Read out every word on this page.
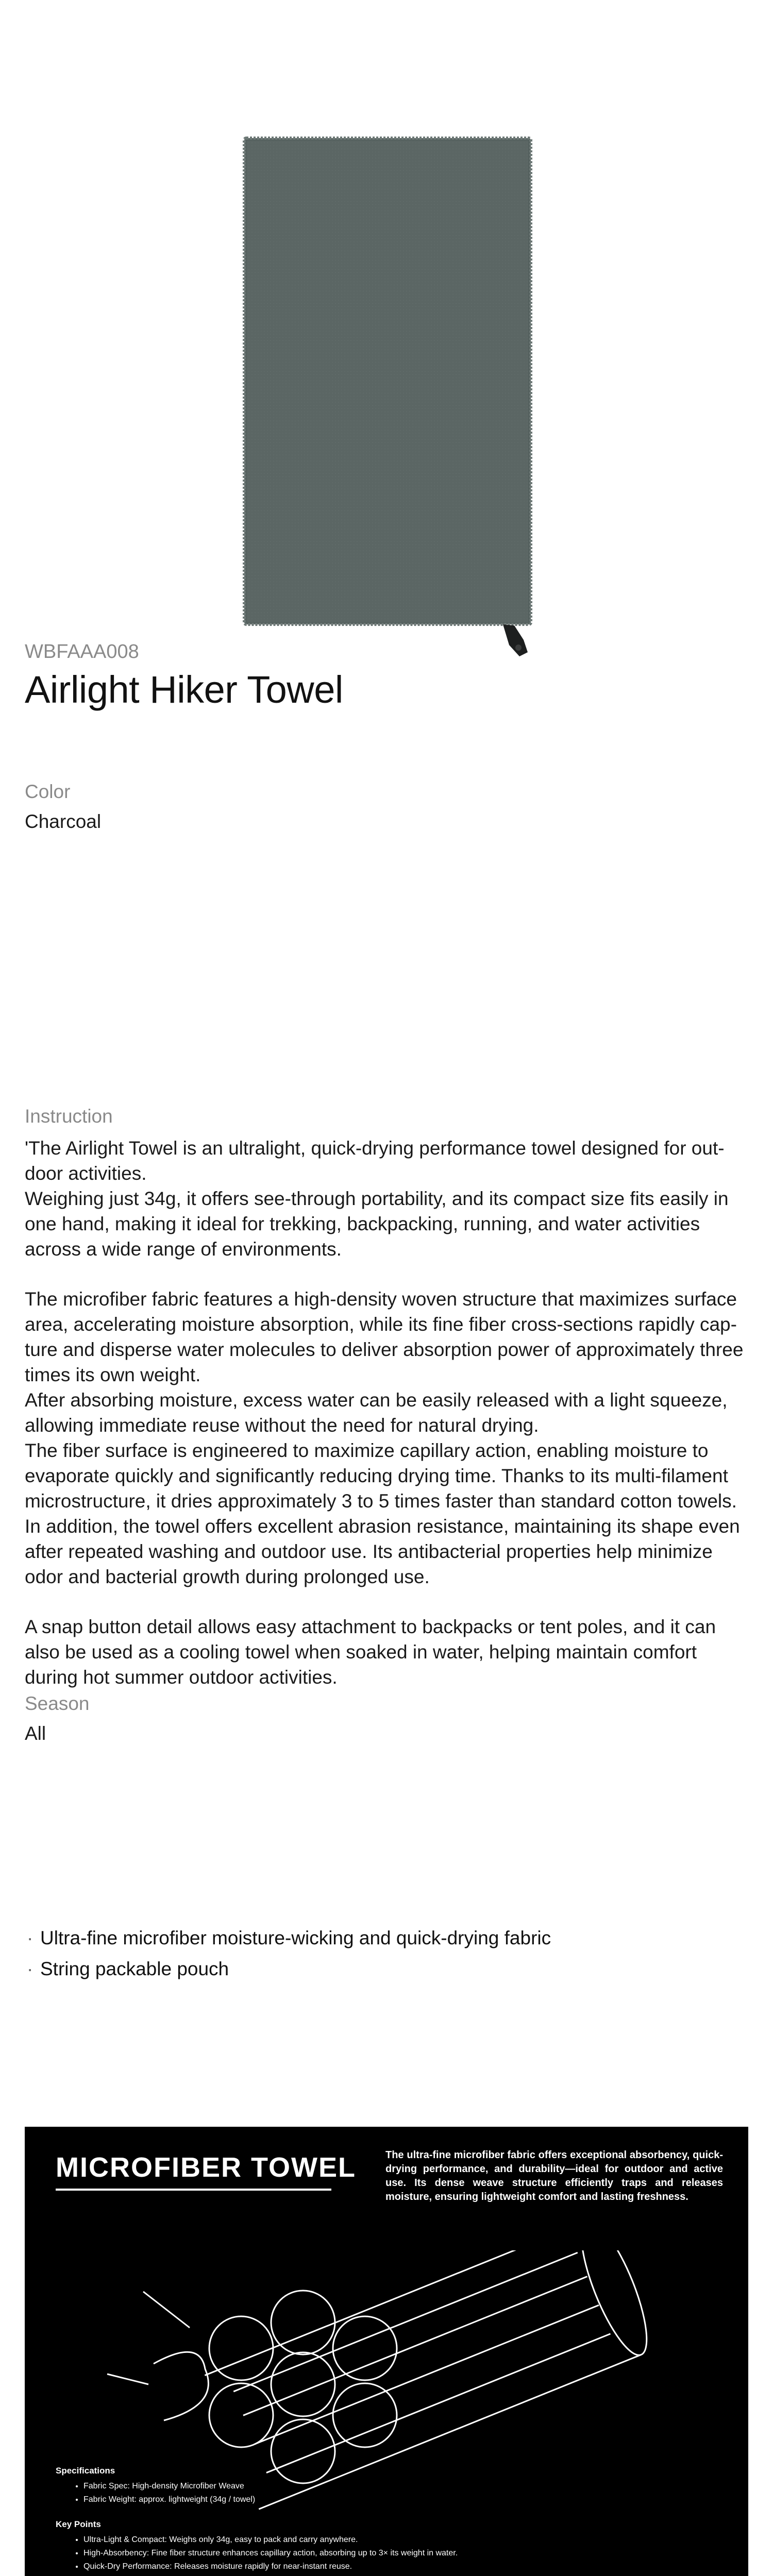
WBFAAA008
Airlight Hiker Towel
Color
Charcoal
Instruction

'The Airlight Towel is an ultralight, quick-drying performance towel designed for out-door activities.

Weighing just 34g, it offers see-through portability, and its compact size fits easily in one hand, making it ideal for trekking, backpacking, running, and water activities across a wide range of environments.

The microfiber fabric features a high-density woven structure that maximizes surface area, accelerating moisture absorption, while its fine fiber cross-sections rapidly cap-ture and disperse water molecules to deliver absorption power of approximately three times its own weight.

After absorbing moisture, excess water can be easily released with a light squeeze, allowing immediate reuse without the need for natural drying.

The fiber surface is engineered to maximize capillary action, enabling moisture to evaporate quickly and significantly reducing drying time. Thanks to its multi-filament microstructure, it dries approximately 3 to 5 times faster than standard cotton towels. In addition, the towel offers excellent abrasion resistance, maintaining its shape even after repeated washing and outdoor use. Its antibacterial properties help minimize odor and bacterial growth during prolonged use.

A snap button detail allows easy attachment to backpacks or tent poles, and it can also be used as a cooling towel when soaked in water, helping maintain comfort during hot summer outdoor activities.

Season
All
· Ultra-fine microfiber moisture-wicking and quick-drying fabric
· String packable pouch
MICROFIBER TOWEL	The ultra-fine microfiber fabric offers exceptional absorbency, quick-drying performance, and durability—ideal for outdoor and active use. Its dense weave structure efficiently traps and releases moisture, ensuring lightweight comfort and lasting freshness.
Specifications
• Fabric Spec: High-density Microfiber Weave
• Fabric Weight: approx. lightweight (34g / towel)
Key Points
• Ultra-Light & Compact: Weighs only 34g, easy to pack and carry anywhere.
• High-Absorbency: Fine fiber structure enhances capillary action, absorbing up to 3× its weight in water.
• Quick-Dry Performance: Releases moisture rapidly for near-instant reuse.
•
